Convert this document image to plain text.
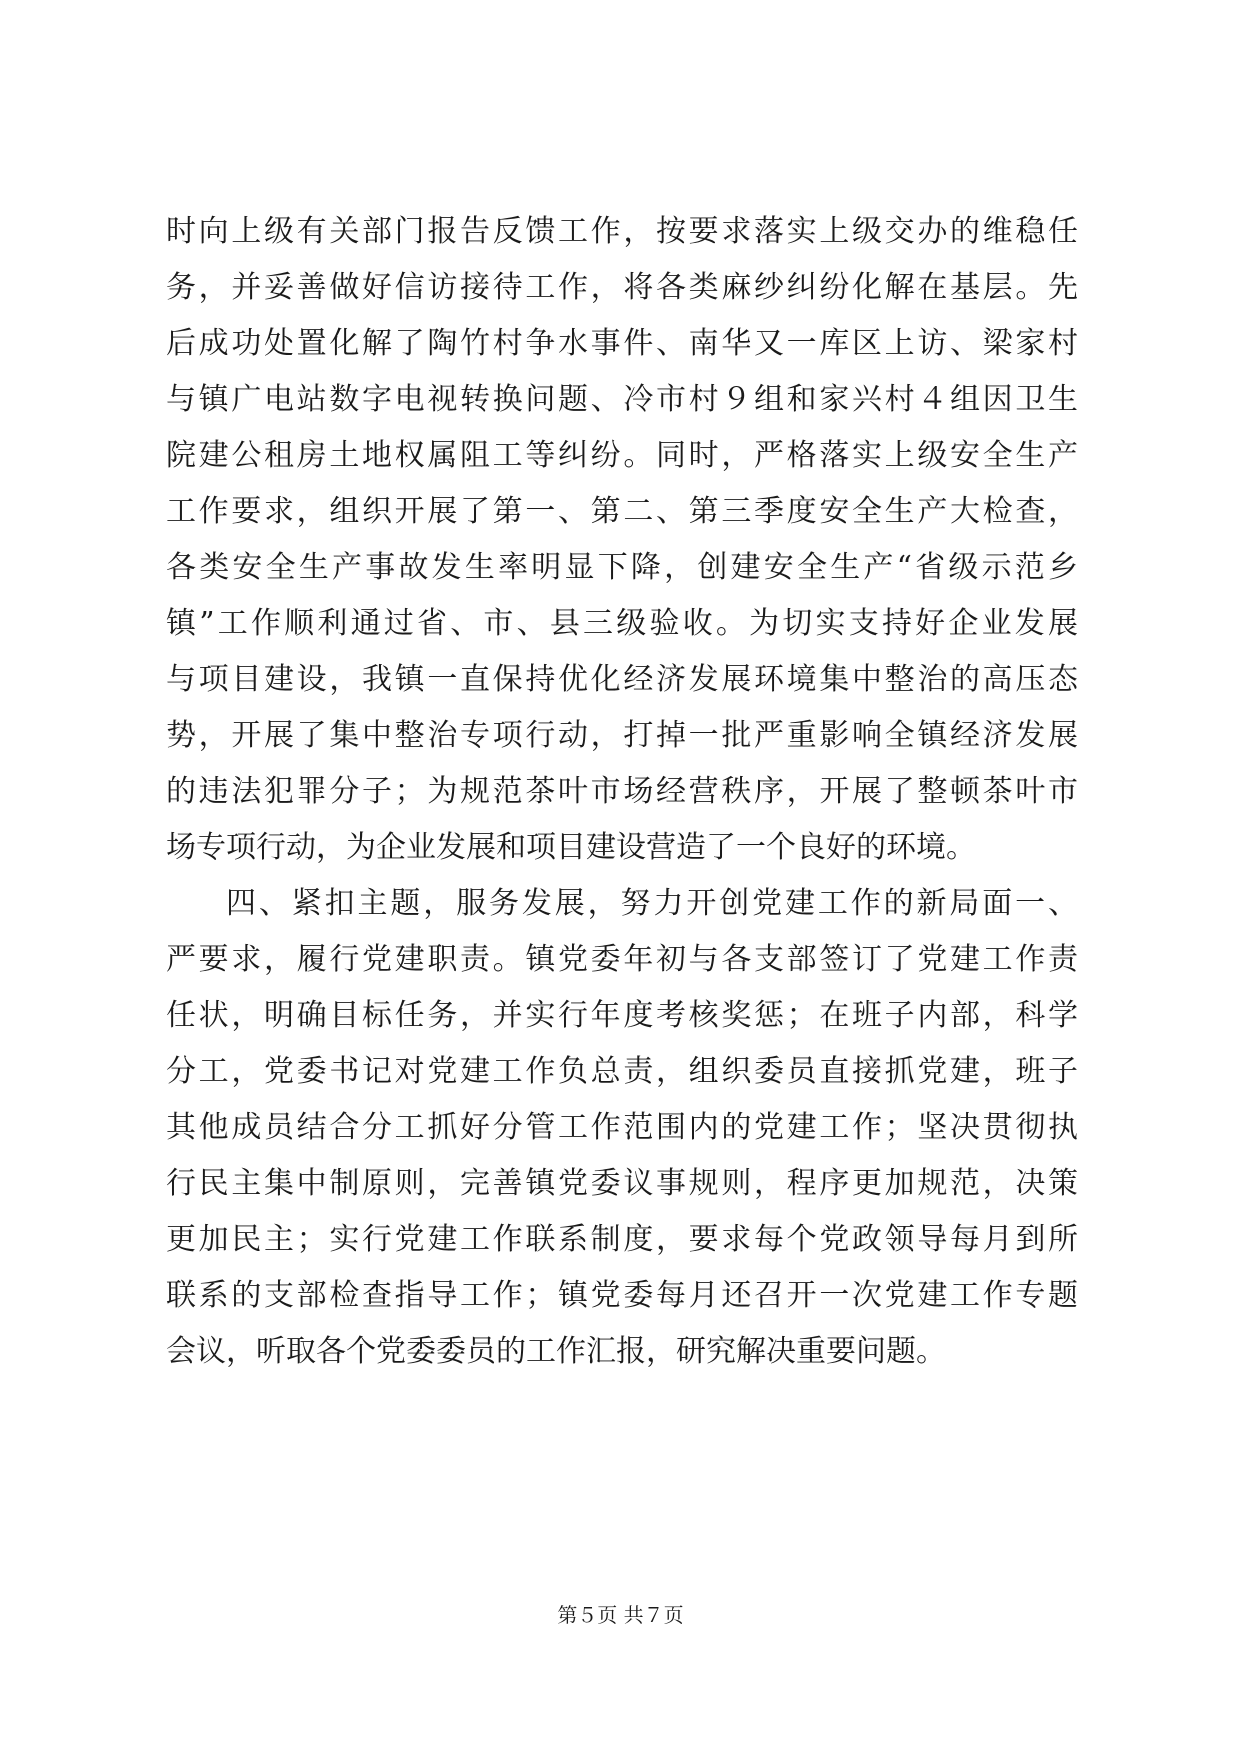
时向上级有关部门报告反馈工作，按要求落实上级交办的维稳任
务，并妥善做好信访接待工作，将各类麻纱纠纷化解在基层。先
后成功处置化解了陶竹村争水事件、南华又一库区上访、梁家村
与镇广电站数字电视转换问题、冷市村９组和家兴村４组因卫生
院建公租房土地权属阻工等纠纷。同时，严格落实上级安全生产
工作要求，组织开展了第一、第二、第三季度安全生产大检查，
各类安全生产事故发生率明显下降，创建安全生产“省级示范乡
镇”工作顺利通过省、市、县三级验收。为切实支持好企业发展
与项目建设，我镇一直保持优化经济发展环境集中整治的高压态
势，开展了集中整治专项行动，打掉一批严重影响全镇经济发展
的违法犯罪分子；为规范茶叶市场经营秩序，开展了整顿茶叶市
场专项行动，为企业发展和项目建设营造了一个良好的环境。
四、紧扣主题，服务发展，努力开创党建工作的新局面一、
严要求，履行党建职责。镇党委年初与各支部签订了党建工作责
任状，明确目标任务，并实行年度考核奖惩；在班子内部，科学
分工，党委书记对党建工作负总责，组织委员直接抓党建，班子
其他成员结合分工抓好分管工作范围内的党建工作；坚决贯彻执
行民主集中制原则，完善镇党委议事规则，程序更加规范，决策
更加民主；实行党建工作联系制度，要求每个党政领导每月到所
联系的支部检查指导工作；镇党委每月还召开一次党建工作专题
会议，听取各个党委委员的工作汇报，研究解决重要问题。
第５页 共７页
